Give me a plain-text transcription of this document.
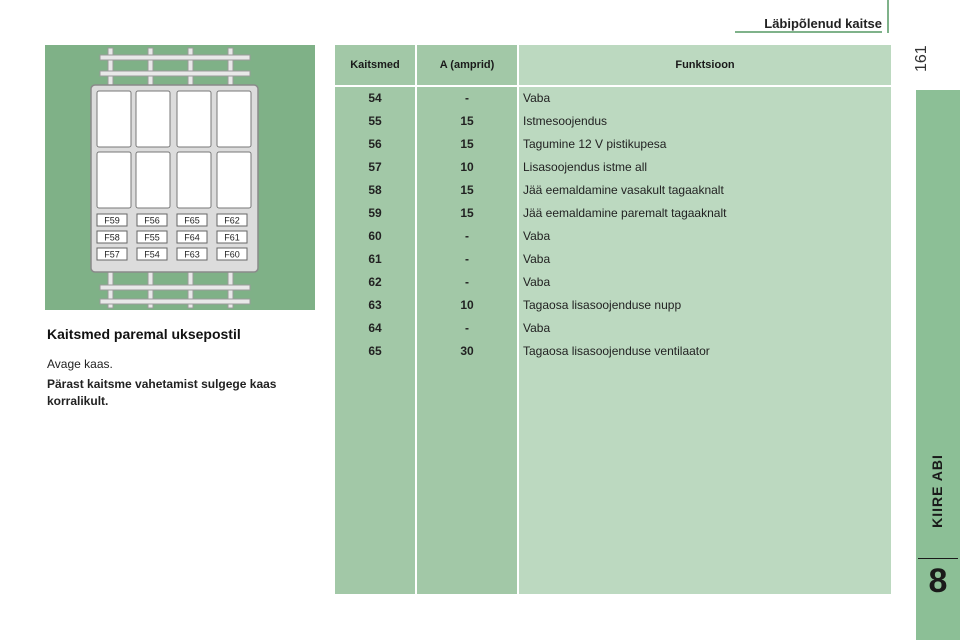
Läbipõlenud kaitse
161
KIIRE ABI
8
F59	F56	F65	F62
F58	F55	F64	F61
F57	F54	F63	F60
Kaitsmed paremal uksepostil
Avage kaas.
Pärast kaitsme vahetamist sulgege kaas korralikult.
Kaitsmed	A (amprid)	Funktsioon
54	-	Vaba
55	15	Istmesoojendus
56	15	Tagumine 12 V pistikupesa
57	10	Lisasoojendus istme all
58	15	Jää eemaldamine vasakult tagaaknalt
59	15	Jää eemaldamine paremalt tagaaknalt
60	-	Vaba
61	-	Vaba
62	-	Vaba
63	10	Tagaosa lisasoojenduse nupp
64	-	Vaba
65	30	Tagaosa lisasoojenduse ventilaator
